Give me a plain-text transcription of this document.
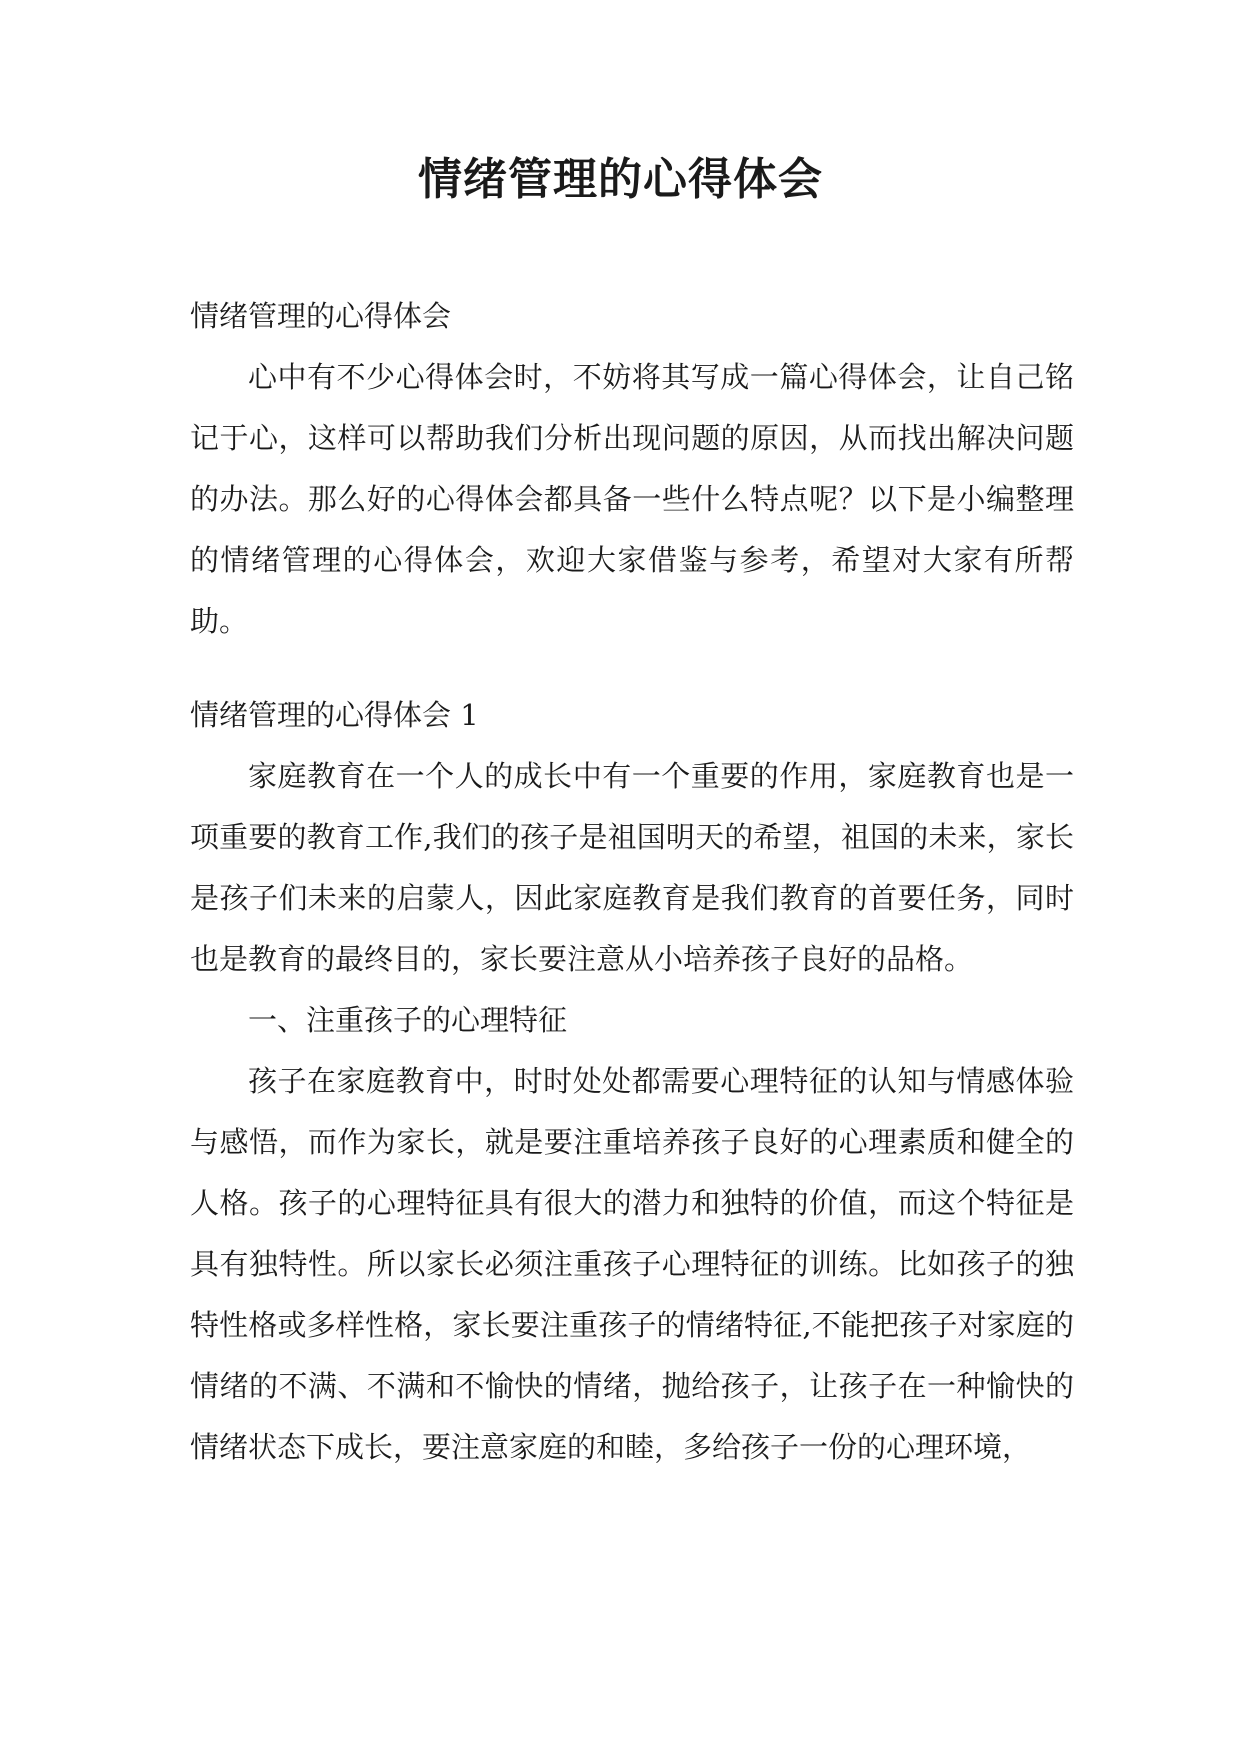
情绪管理的心得体会

情绪管理的心得体会

心中有不少心得体会时，不妨将其写成一篇心得体会，让自己铭记于心，这样可以帮助我们分析出现问题的原因，从而找出解决问题的办法。那么好的心得体会都具备一些什么特点呢？以下是小编整理的情绪管理的心得体会，欢迎大家借鉴与参考，希望对大家有所帮助。

情绪管理的心得体会 1

家庭教育在一个人的成长中有一个重要的作用，家庭教育也是一项重要的教育工作,我们的孩子是祖国明天的希望，祖国的未来，家长是孩子们未来的启蒙人，因此家庭教育是我们教育的首要任务，同时也是教育的最终目的，家长要注意从小培养孩子良好的品格。

一、注重孩子的心理特征

孩子在家庭教育中，时时处处都需要心理特征的认知与情感体验与感悟，而作为家长，就是要注重培养孩子良好的心理素质和健全的人格。孩子的心理特征具有很大的潜力和独特的价值，而这个特征是具有独特性。所以家长必须注重孩子心理特征的训练。比如孩子的独特性格或多样性格，家长要注重孩子的情绪特征,不能把孩子对家庭的情绪的不满、不满和不愉快的情绪，抛给孩子，让孩子在一种愉快的情绪状态下成长，要注意家庭的和睦，多给孩子一份的心理环境，
